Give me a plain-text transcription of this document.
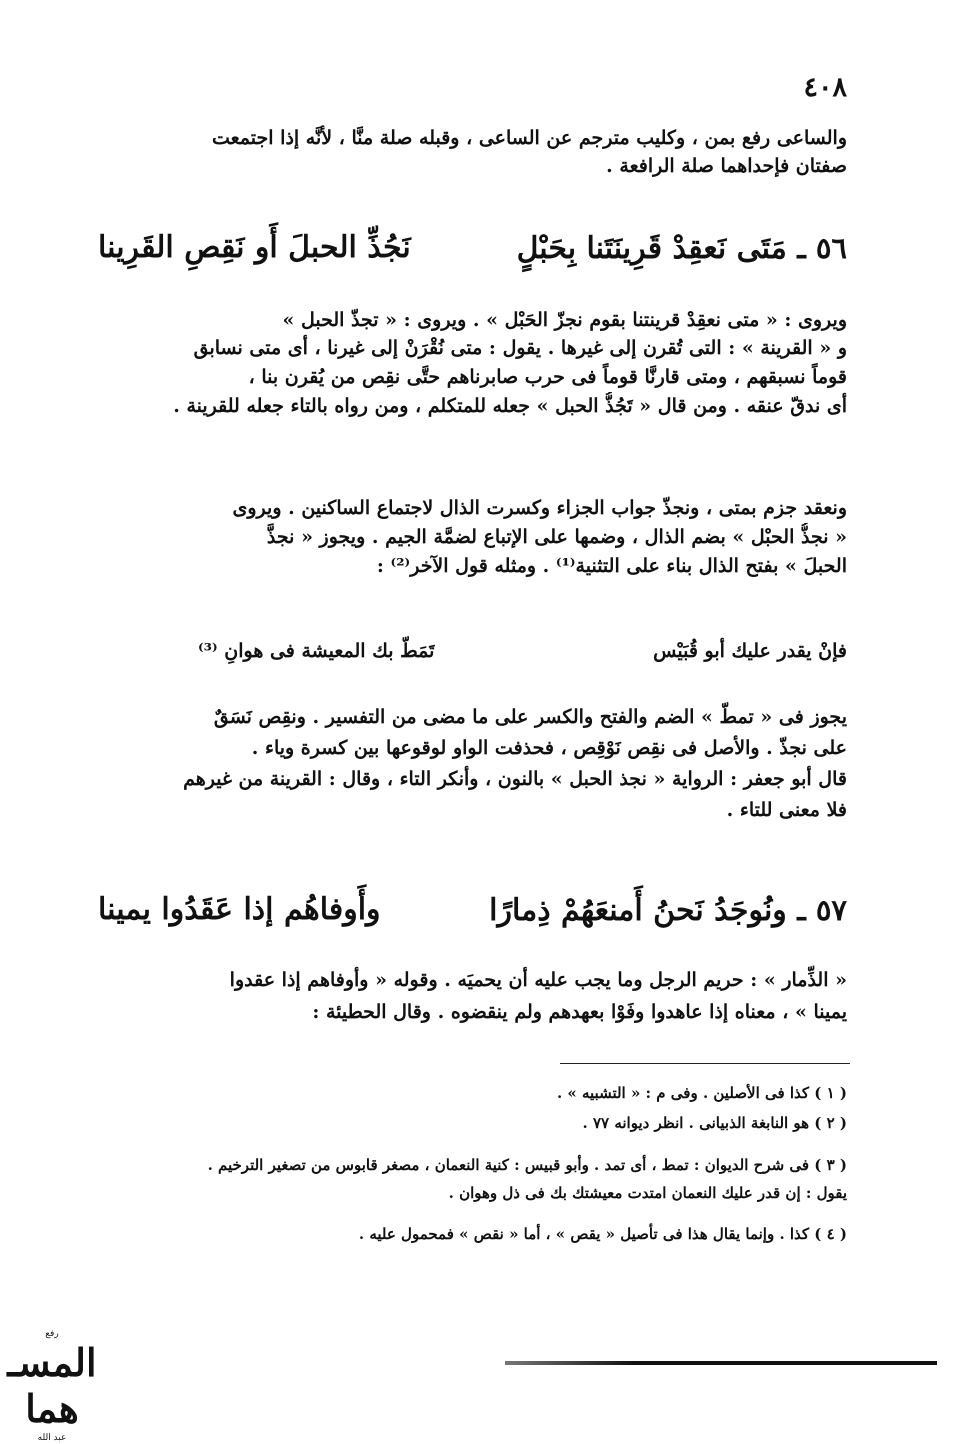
٤٠٨
والساعى رفع بمن ، وكليب مترجم عن الساعى ، وقبله صلة منَّا ، لأنَّه إذا اجتمعت
صفتان فإحداهما صلة الرافعة .
٥٦ ـ مَتَى نَعقِدْ قَرِينَتَنا بِحَبْلٍ
نَجُذِّ الحبلَ أَو نَقِصِ القَرِينا
ويروى : « متى نعقِدْ قرينتنا بقوم نجزّ الحَبْل » . ويروى : « تجذّ الحبل »
و « القرينة » : التى تُقرن إلى غيرها . يقول : متى نُقْرَنْ إلى غيرنا ، أى متى نسابق
قوماً نسبقهم ، ومتى قارنَّا قوماً فى حرب صابرناهم حتَّى نقِص من يُقرن بنا ،
أى ندقّ عنقه . ومن قال « تَجُذُّ الحبل » جعله للمتكلم ، ومن رواه بالتاء جعله للقرينة .
ونعقد جزم بمتى ، ونجذّ جواب الجزاء وكسرت الذال لاجتماع الساكنين . ويروى
« نجذُّ الحبْل » بضم الذال ، وضمها على الإتباع لضمَّة الجيم . ويجوز « نجذَّ
الحبلَ » بفتح الذال بناء على التثنية⁽¹⁾ . ومثله قول الآخر⁽²⁾ :
فإنْ يقدر عليك أبو قُبَيْس
تَمَطّ بك المعيشة فى هوانِ ⁽³⁾
يجوز فى « تمطّ » الضم والفتح والكسر على ما مضى من التفسير . ونقِص نَسَقٌ
على نجذّ . والأصل فى نقِص نَوْقِص ، فحذفت الواو لوقوعها بين كسرة وياء .
قال أبو جعفر : الرواية « نجذ الحبل » بالنون ، وأنكر التاء ، وقال : القرينة من غيرهم
فلا معنى للتاء .
٥٧ ـ ونُوجَدُ نَحنُ أَمنعَهُمْ ذِمارًا
وأَوفاهُم إذا عَقَدُوا يمينا
« الذِّمار » : حريم الرجل وما يجب عليه أن يحميَه . وقوله « وأوفاهم إذا عقدوا
يمينا » ، معناه إذا عاهدوا وفَوْا بعهدهم ولم ينقضوه . وقال الحطيئة :
( ١ ) كذا فى الأصلين . وفى م : « التشبيه » .
( ٢ ) هو النابغة الذبيانى . انظر ديوانه ٧٧ .
( ٣ ) فى شرح الديوان : تمط ، أى تمد . وأبو قبيس : كنية النعمان ، مصغر قابوس من تصغير الترخيم .
يقول : إن قدر عليك النعمان امتدت معيشتك بك فى ذل وهوان .
( ٤ ) كذا . وإنما يقال هذا فى تأصيل « يقص » ، أما « نقص » فمحمول عليه .
رفع
المسـ هما
عبد الله
